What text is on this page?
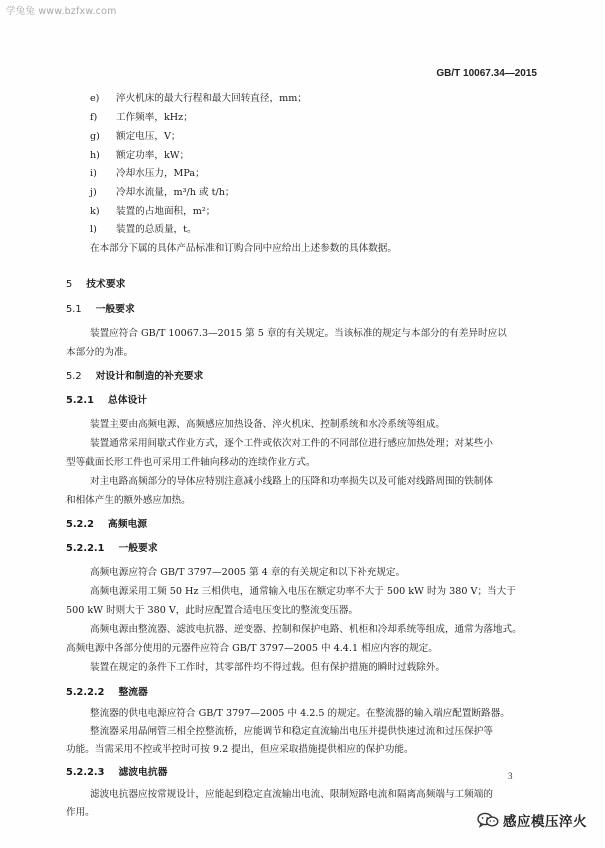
学兔兔 www.bzfxw.com
GB/T 10067.34—2015
e) 淬火机床的最大行程和最大回转直径，mm；
f) 工作频率，kHz；
g) 额定电压，V；
h) 额定功率，kW；
i) 冷却水压力，MPa；
j) 冷却水流量，m³/h 或 t/h；
k) 装置的占地面积，m²；
l) 装置的总质量，t。
在本部分下属的具体产品标准和订购合同中应给出上述参数的具体数据。
5 技术要求
5.1 一般要求
装置应符合 GB/T 10067.3—2015 第 5 章的有关规定。当该标准的规定与本部分的有差异时应以
本部分的为准。
5.2 对设计和制造的补充要求
5.2.1 总体设计
装置主要由高频电源、高频感应加热设备、淬火机床、控制系统和水冷系统等组成。
装置通常采用间歇式作业方式，逐个工件或依次对工件的不同部位进行感应加热处理；对某些小
型等截面长形工件也可采用工件轴向移动的连续作业方式。
对主电路高频部分的导体应特别注意减小线路上的压降和功率损失以及可能对线路周围的铁制体
和相体产生的额外感应加热。
5.2.2 高频电源
5.2.2.1 一般要求
高频电源应符合 GB/T 3797—2005 第 4 章的有关规定和以下补充规定。
高频电源采用工频 50 Hz 三相供电，通常输入电压在额定功率不大于 500 kW 时为 380 V；当大于
500 kW 时则大于 380 V，此时应配置合适电压变比的整流变压器。
高频电源由整流器、滤波电抗器、逆变器、控制和保护电路、机柜和冷却系统等组成，通常为落地式。
高频电源中各部分使用的元器件应符合 GB/T 3797—2005 中 4.4.1 相应内容的规定。
装置在规定的条件下工作时，其零部件均不得过载。但有保护措施的瞬时过载除外。
5.2.2.2 整流器
整流器的供电电源应符合 GB/T 3797—2005 中 4.2.5 的规定。在整流器的输入端应配置断路器。
整流器采用晶闸管三相全控整流桥，应能调节和稳定直流输出电压并提供快速过流和过压保护等
功能。当需采用不控或半控时可按 9.2 提出，但应采取措施提供相应的保护功能。
5.2.2.3 滤波电抗器
滤波电抗器应按常规设计，应能起到稳定直流输出电流、限制短路电流和隔离高频端与工频端的
作用。
3
感应模压淬火
